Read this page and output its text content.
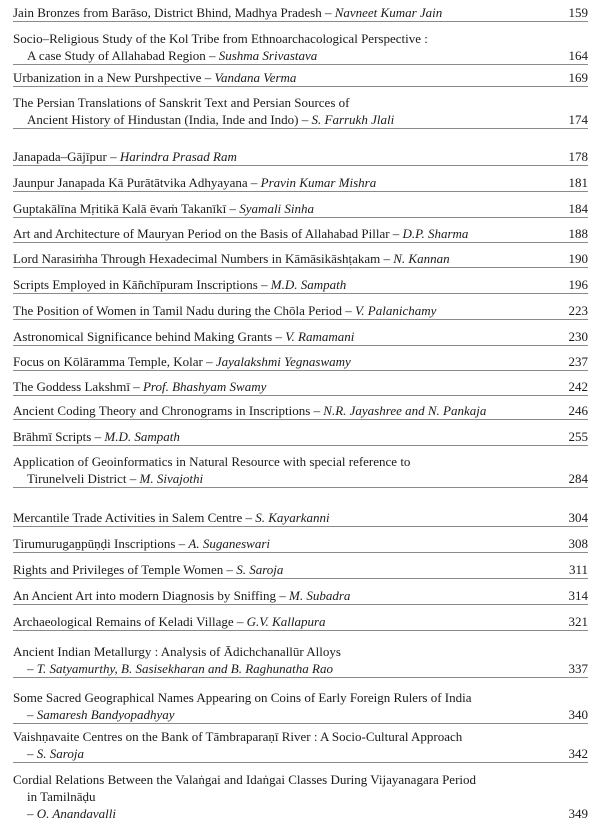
Jain Bronzes from Barāso, District Bhind, Madhya Pradesh – Navneet Kumar Jain	159
Socio–Religious Study of the Kol Tribe from Ethnoarchacological Perspective :
A case Study of Allahabad Region – Sushma Srivastava	164
Urbanization in a New Purshpective – Vandana Verma	169
The Persian Translations of Sanskrit Text and Persian Sources of
Ancient History of Hindustan (India, Inde and Indo) – S. Farrukh Jlali	174
Janapada–Gājīpur – Harindra Prasad Ram	178
Jaunpur Janapada Kā Purātātvika Adhyayana – Pravin Kumar Mishra	181
Guptakālīna Mṛitikā Kalā ēvaṁ Takanīkī – Syamali Sinha	184
Art and Architecture of Mauryan Period on the Basis of Allahabad Pillar – D.P. Sharma	188
Lord Narasiṁha Through Hexadecimal Numbers in Kāmāsikāshṭakam – N. Kannan	190
Scripts Employed in Kāñchīpuram Inscriptions – M.D. Sampath	196
The Position of Women in Tamil Nadu during the Chōla Period – V. Palanichamy	223
Astronomical Significance behind Making Grants – V. Ramamani	230
Focus on Kōlāramma Temple, Kolar – Jayalakshmi Yegnaswamy	237
The Goddess Lakshmī – Prof. Bhashyam Swamy	242
Ancient Coding Theory and Chronograms in Inscriptions – N.R. Jayashree and N. Pankaja	246
Brāhmī Scripts – M.D. Sampath	255
Application of Geoinformatics in Natural Resource with special reference to
Tirunelveli District – M. Sivajothi	284
Mercantile Trade Activities in Salem Centre – S. Kayarkanni	304
Tirumurugaṉpūṇḍi Inscriptions – A. Suganeswari	308
Rights and Privileges of Temple Women – S. Saroja	311
An Ancient Art into modern Diagnosis by Sniffing – M. Subadra	314
Archaeological Remains of Keladi Village – G.V. Kallapura	321
Ancient Indian Metallurgy : Analysis of Ādichchanallūr Alloys
– T. Satyamurthy, B. Sasisekharan and B. Raghunatha Rao	337
Some Sacred Geographical Names Appearing on Coins of Early Foreign Rulers of India
– Samaresh Bandyopadhyay	340
Vaishṇavaite Centres on the Bank of Tāmbraparaṇī River : A Socio-Cultural Approach
– S. Saroja	342
Cordial Relations Between the Valaṅgai and Idaṅgai Classes During Vijayanagara Period
in Tamilnāḍu
– O. Anandavalli	349
